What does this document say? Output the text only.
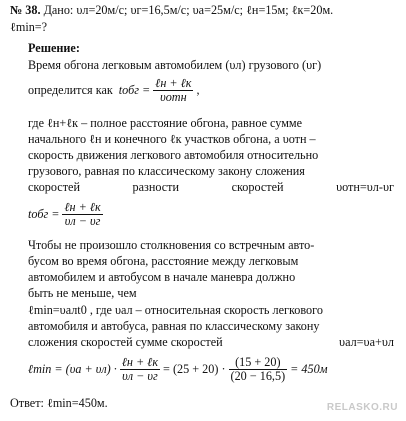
№ 38. Дано: υл=20м/с; υг=16,5м/с; υа=25м/с; ℓн=15м; ℓк=20м.
ℓmin=?
Решение:
Время обгона легковым автомобилем (υл) грузового (υг)
определится как tобг = $\frac{\text{ℓн + ℓк}}{\text{υотн}}$ ,
где ℓн+ℓк – полное расстояние обгона, равное сумме
начального ℓн и конечного ℓк участков обгона, а υотн –
скорость движения легкового автомобиля относительно
грузового, равная по классическому закону сложения
скоростей	разности	скоростей	υотн=υл-υг
tобг = $\frac{\text{ℓн + ℓк}}{\upsilon л - \upsilon г}$
Чтобы не произошло столкновения со встречным авто-
бусом во время обгона, расстояние между легковым
автомобилем и автобусом в начале маневра должно
быть не меньше, чем
ℓmin=υалt0 , где υал – относительная скорость легкового
автомобиля и автобуса, равная по классическому закону
сложения скоростей сумме скоростей	υал=υа+υл
ℓmin = $(\upsilon а + \upsilon л) \cdot \frac{\text{ℓн + ℓк}}{\upsilon л - \upsilon г} = (25 + 20) \cdot \frac{(15 + 20)}{(20 - 16,5)} = 450м$
Ответ: ℓmin=450м.	RELASKO.RU
